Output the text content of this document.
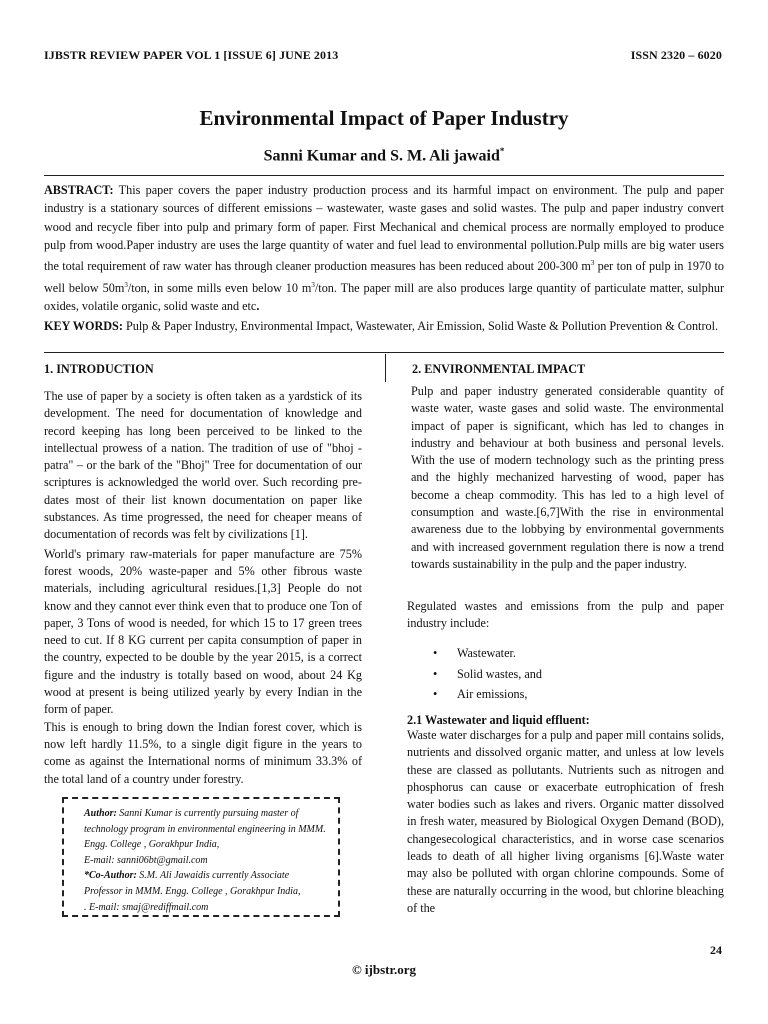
IJBSTR REVIEW PAPER VOL 1 [ISSUE 6] JUNE 2013	ISSN 2320 – 6020
Environmental Impact of Paper Industry
Sanni Kumar and S. M. Ali jawaid*
ABSTRACT: This paper covers the paper industry production process and its harmful impact on environment. The pulp and paper industry is a stationary sources of different emissions – wastewater, waste gases and solid wastes. The pulp and paper industry convert wood and recycle fiber into pulp and primary form of paper. First Mechanical and chemical process are normally employed to produce pulp from wood.Paper industry are uses the large quantity of water and fuel lead to environmental pollution.Pulp mills are big water users the total requirement of raw water has through cleaner production measures has been reduced about 200-300 $m^3$ per ton of pulp in 1970 to well below $50m^3$/ton, in some mills even below 10 $m^3$/ton. The paper mill are also produces large quantity of particulate matter, sulphur oxides, volatile organic, solid waste and etc.
KEY WORDS: Pulp & Paper Industry, Environmental Impact, Wastewater, Air Emission, Solid Waste & Pollution Prevention & Control.
1. INTRODUCTION

The use of paper by a society is often taken as a yardstick of its development. The need for documentation of knowledge and record keeping has long been perceived to be linked to the intellectual prowess of a nation. The tradition of use of "bhoj - patra" – or the bark of the "Bhoj" Tree for documentation of our scriptures is acknowledged the world over. Such recording pre-dates most of their list known documentation on paper like substances. As time progressed, the need for cheaper means of documentation of records was felt by civilizations [1].

World's primary raw-materials for paper manufacture are 75% forest woods, 20% waste-paper and 5% other fibrous waste materials, including agricultural residues.[1,3] People do not know and they cannot ever think even that to produce one Ton of paper, 3 Tons of wood is needed, for which 15 to 17 green trees need to cut. If 8 KG current per capita consumption of paper in the country, expected to be double by the year 2015, is a correct figure and the industry is totally based on wood, about 24 Kg wood at present is being utilized yearly by every Indian in the form of paper.

This is enough to bring down the Indian forest cover, which is now left hardly 11.5%, to a single digit figure in the years to come as against the International norms of minimum 33.3% of the total land of a country under forestry.

Author: Sanni Kumar is currently pursuing master of technology program in environmental engineering in MMM. Engg. College , Gorakhpur India,
E-mail: sanni06bt@gmail.com
*Co-Author: S.M. Ali Jawaidis currently Associate Professor in MMM. Engg. College , Gorakhpur India,
. E-mail: smaj@rediffmail.com
2. ENVIRONMENTAL IMPACT
Pulp and paper industry generated considerable quantity of waste water, waste gases and solid waste. The environmental impact of paper is significant, which has led to changes in industry and behaviour at both business and personal levels. With the use of modern technology such as the printing press and the highly mechanized harvesting of wood, paper has become a cheap commodity. This has led to a high level of consumption and waste.[6,7]With the rise in environmental awareness due to the lobbying by environmental governments and with increased government regulation there is now a trend towards sustainability in the pulp and the paper industry.
Regulated wastes and emissions from the pulp and paper industry include:
• Wastewater.
• Solid wastes, and
• Air emissions,
2.1 Wastewater and liquid effluent:
Waste water discharges for a pulp and paper mill contains solids, nutrients and dissolved organic matter, and unless at low levels these are classed as pollutants. Nutrients such as nitrogen and phosphorus can cause or exacerbate eutrophication of fresh water bodies such as lakes and rivers. Organic matter dissolved in fresh water, measured by Biological Oxygen Demand (BOD), changesecological characteristics, and in worse case scenarios leads to death of all higher living organisms [6].Waste water may also be polluted with organ chlorine compounds. Some of these are naturally occurring in the wood, but chlorine bleaching of the
24
© ijbstr.org
